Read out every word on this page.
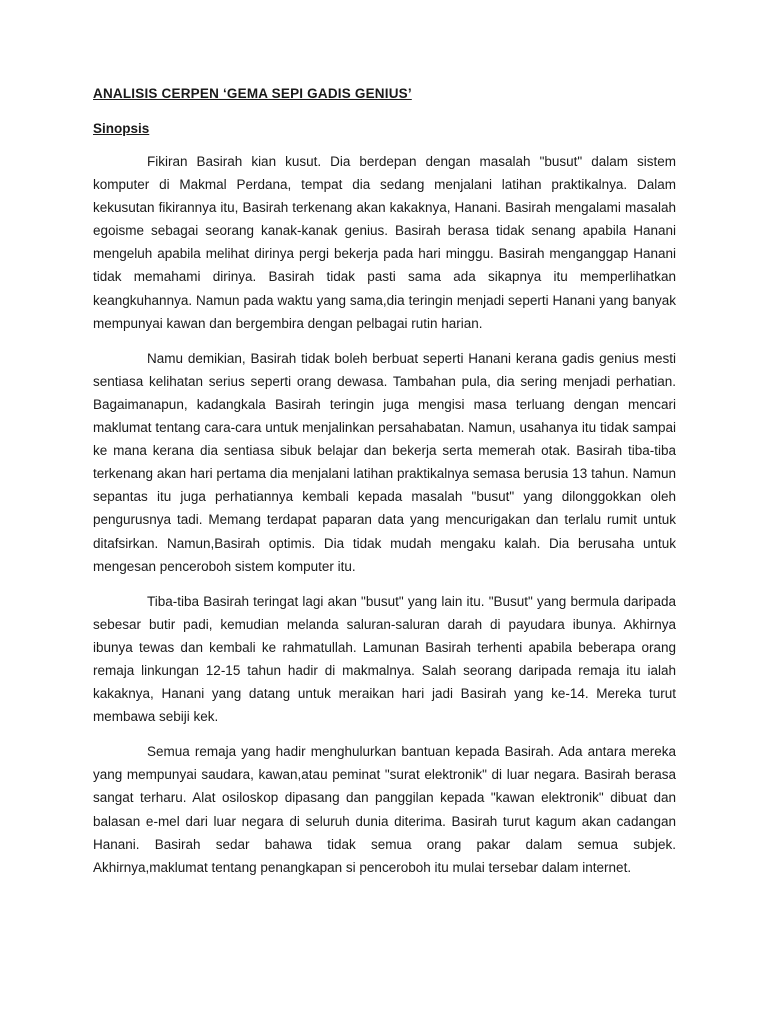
ANALISIS CERPEN ‘GEMA SEPI GADIS GENIUS’
Sinopsis

Fikiran Basirah kian kusut. Dia berdepan dengan masalah "busut" dalam sistem komputer di Makmal Perdana, tempat dia sedang menjalani latihan praktikalnya. Dalam kekusutan fikirannya itu, Basirah terkenang akan kakaknya, Hanani. Basirah mengalami masalah egoisme sebagai seorang kanak-kanak genius. Basirah berasa tidak senang apabila Hanani mengeluh apabila melihat dirinya pergi bekerja pada hari minggu. Basirah menganggap Hanani tidak memahami dirinya. Basirah tidak pasti sama ada sikapnya itu memperlihatkan keangkuhannya. Namun pada waktu yang sama,dia teringin menjadi seperti Hanani yang banyak mempunyai kawan dan bergembira dengan pelbagai rutin harian.

Namu demikian, Basirah tidak boleh berbuat seperti Hanani kerana gadis genius mesti sentiasa kelihatan serius seperti orang dewasa. Tambahan pula, dia sering menjadi perhatian. Bagaimanapun, kadangkala Basirah teringin juga mengisi masa terluang dengan mencari maklumat tentang cara-cara untuk menjalinkan persahabatan. Namun, usahanya itu tidak sampai ke mana kerana dia sentiasa sibuk belajar dan bekerja serta memerah otak. Basirah tiba-tiba terkenang akan hari pertama dia menjalani latihan praktikalnya semasa berusia 13 tahun. Namun sepantas itu juga perhatiannya kembali kepada masalah "busut" yang dilonggokkan oleh pengurusnya tadi. Memang terdapat paparan data yang mencurigakan dan terlalu rumit untuk ditafsirkan. Namun,Basirah optimis. Dia tidak mudah mengaku kalah. Dia berusaha untuk mengesan penceroboh sistem komputer itu.

Tiba-tiba Basirah teringat lagi akan "busut" yang lain itu. "Busut" yang bermula daripada sebesar butir padi, kemudian melanda saluran-saluran darah di payudara ibunya. Akhirnya ibunya tewas dan kembali ke rahmatullah. Lamunan Basirah terhenti apabila beberapa orang remaja linkungan 12-15 tahun hadir di makmalnya. Salah seorang daripada remaja itu ialah kakaknya, Hanani yang datang untuk meraikan hari jadi Basirah yang ke-14. Mereka turut membawa sebiji kek.

Semua remaja yang hadir menghulurkan bantuan kepada Basirah. Ada antara mereka yang mempunyai saudara, kawan,atau peminat "surat elektronik" di luar negara. Basirah berasa sangat terharu. Alat osiloskop dipasang dan panggilan kepada "kawan elektronik" dibuat dan balasan e-mel dari luar negara di seluruh dunia diterima. Basirah turut kagum akan cadangan Hanani. Basirah sedar bahawa tidak semua orang pakar dalam semua subjek. Akhirnya,maklumat tentang penangkapan si penceroboh itu mulai tersebar dalam internet.
